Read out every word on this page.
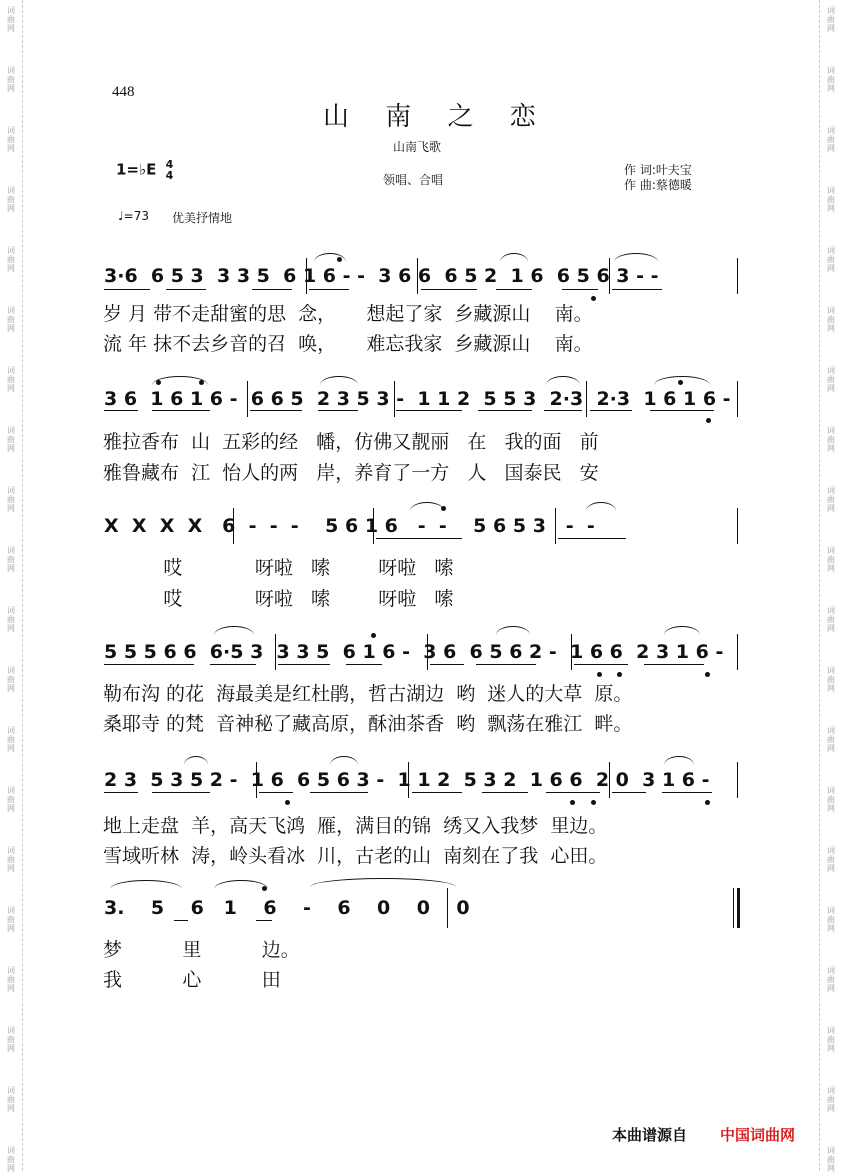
词
曲
网
词
曲
网
词
曲
网
词
曲
网
词
曲
网
词
曲
网
词
曲
网
词
曲
网
词
曲
网
词
曲
网
词
曲
网
词
曲
网
词
曲
网
词
曲
网
词
曲
网
词
曲
网
词
曲
网
词
曲
网
词
曲
网
词
曲
网
词
曲
网
词
曲
网
词
曲
网
词
曲
网
词
曲
网
词
曲
网
词
曲
网
词
曲
网
词
曲
网
词
曲
网
词
曲
网
词
曲
网
词
曲
网
词
曲
网
词
曲
网
词
曲
网
词
曲
网
词
曲
网
词
曲
网
词
曲
网
448
山 南 之 恋
山南飞歌
领唱、合唱
作 词:叶夫宝
作 曲:蔡德暖
1=♭E 4
4
♩=73 优美抒情地
3·6  6 5 3  3 3 5  6 1 6 - -  3 6 6  6 5 2  1 6  6 5 6 3 - -
岁 月 带不走甜蜜的思  念，     想起了家  乡藏源山    南。
流 年 抹不去乡音的召  唤，     难忘我家  乡藏源山    南。
3 6  1 6 1 6 -  6 6 5  2 3 5 3 -  1 1 2  5 5 3  2·3  2·3  1 6 1 6 -
雅拉香布  山  五彩的经   幡，仿佛又靓丽   在   我的面   前
雅鲁藏布  江  怡人的两   岸，养育了一方   人   国泰民   安
X  X  X  X   6  -  -  -    5 6 1 6   -  -    5 6 5 3   -  -
哎            呀啦   嗦        呀啦   嗦
哎            呀啦   嗦        呀啦   嗦
5 5 5 6 6  6·5 3  3 3 5  6 1 6 -  3 6  6 5 6 2 -  1 6 6  2 3 1 6 -
勒布沟 的花  海最美是红杜鹃，哲古湖边  哟  迷人的大草  原。
桑耶寺 的梵  音神秘了藏高原，酥油茶香  哟  飘荡在雅江  畔。
2 3  5 3 5 2 -  1 6  6 5 6 3 -  1 1 2  5 3 2  1 6 6  2 0  3 1 6 -
地上走盘  羊，高天飞鸿  雁，满目的锦  绣又入我梦  里边。
雪域听林  涛，岭头看冰  川，古老的山  南刻在了我  心田。
3.    5    6   1    6    -    6    0    0    0
梦          里          边。
我          心          田
本曲谱源自 中国词曲网
